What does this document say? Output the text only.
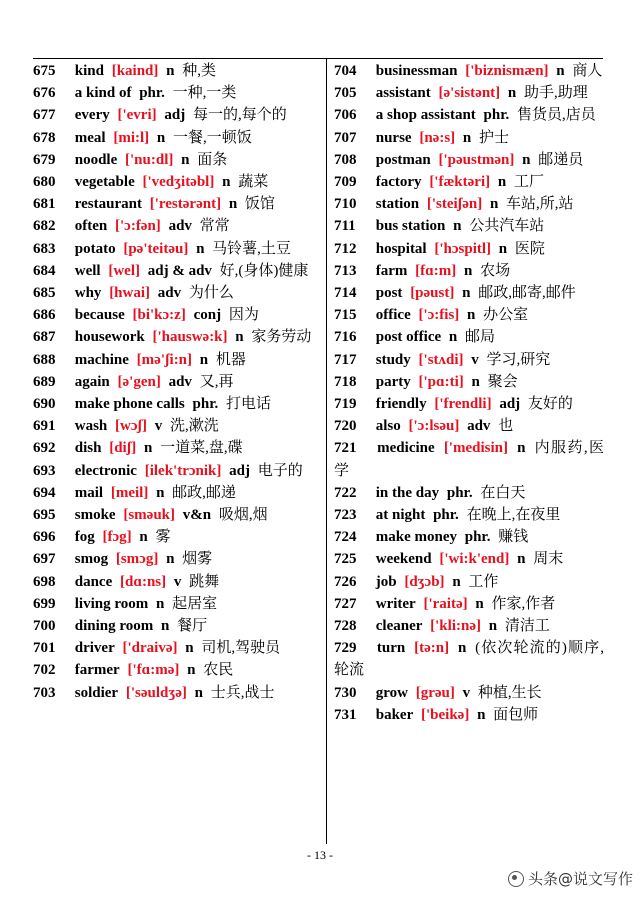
675 kind [kaind] n 种,类
676 a kind of phr. 一种,一类
677 every ['evri] adj 每一的,每个的
678 meal [mi:l] n 一餐,一顿饭
679 noodle ['nu:dl] n 面条
680 vegetable ['vedʒitəbl] n 蔬菜
681 restaurant ['restərənt] n 饭馆
682 often ['ɔ:fən] adv 常常
683 potato [pə'teitəu] n 马铃薯,土豆
684 well [wel] adj & adv 好,(身体)健康
685 why [hwai] adv 为什么
686 because [bi'kɔ:z] conj 因为
687 housework ['hauswə:k] n 家务劳动
688 machine [mə'ʃi:n] n 机器
689 again [ə'gen] adv 又,再
690 make phone calls phr. 打电话
691 wash [wɔʃ] v 洗,漱洗
692 dish [diʃ] n 一道菜,盘,碟
693 electronic [ilek'trɔnik] adj 电子的
694 mail [meil] n 邮政,邮递
695 smoke [sməuk] v&n 吸烟,烟
696 fog [fɔg] n 雾
697 smog [smɔg] n 烟雾
698 dance [dɑ:ns] v 跳舞
699 living room n 起居室
700 dining room n 餐厅
701 driver ['draivə] n 司机,驾驶员
702 farmer ['fɑ:mə] n 农民
703 soldier ['səuldʒə] n 士兵,战士
704 businessman ['biznismæn] n 商人
705 assistant [ə'sistənt] n 助手,助理
706 a shop assistant phr. 售货员,店员
707 nurse [nə:s] n 护士
708 postman ['pəustmən] n 邮递员
709 factory ['fæktəri] n 工厂
710 station ['steiʃən] n 车站,所,站
711 bus station n 公共汽车站
712 hospital ['hɔspitl] n 医院
713 farm [fɑ:m] n 农场
714 post [pəust] n 邮政,邮寄,邮件
715 office ['ɔ:fis] n 办公室
716 post office n 邮局
717 study ['stʌdi] v 学习,研究
718 party ['pɑ:ti] n 聚会
719 friendly ['frendli] adj 友好的
720 also ['ɔ:lsəu] adv 也
721 medicine ['medisin] n 内服药,医学
722 in the day phr. 在白天
723 at night phr. 在晚上,在夜里
724 make money phr. 赚钱
725 weekend ['wi:k'end] n 周末
726 job [dʒɔb] n 工作
727 writer ['raitə] n 作家,作者
728 cleaner ['kli:nə] n 清洁工
729 turn [tə:n] n (依次轮流的)顺序,轮流
730 grow [grəu] v 种植,生长
731 baker ['beikə] n 面包师
- 13 -
头条@说文写作
